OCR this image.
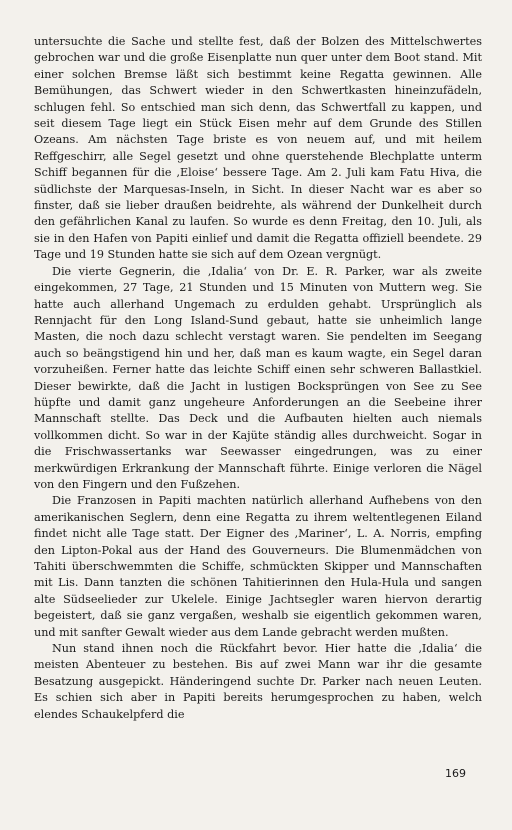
untersuchte die Sache und stellte fest, daß der Bolzen des Mittelschwertes gebrochen war und die große Eisenplatte nun quer unter dem Boot stand. Mit einer solchen Bremse läßt sich bestimmt keine Regatta gewinnen. Alle Bemühungen, das Schwert wieder in den Schwertkasten hineinzufädeln, schlugen fehl. So entschied man sich denn, das Schwertfall zu kappen, und seit diesem Tage liegt ein Stück Eisen mehr auf dem Grunde des Stillen Ozeans. Am nächsten Tage briste es von neuem auf, und mit heilem Reffgeschirr, alle Segel gesetzt und ohne querstehende Blechplatte unterm Schiff begannen für die ‚Eloise‘ bessere Tage. Am 2. Juli kam Fatu Hiva, die südlichste der Marquesas-Inseln, in Sicht. In dieser Nacht war es aber so finster, daß sie lieber draußen beidrehte, als während der Dunkelheit durch den gefährlichen Kanal zu laufen. So wurde es denn Freitag, den 10. Juli, als sie in den Hafen von Papiti einlief und damit die Regatta offiziell beendete. 29 Tage und 19 Stunden hatte sie sich auf dem Ozean vergnügt.

Die vierte Gegnerin, die ‚Idalia‘ von Dr. E. R. Parker, war als zweite eingekommen, 27 Tage, 21 Stunden und 15 Minuten von Muttern weg. Sie hatte auch allerhand Ungemach zu erdulden gehabt. Ursprünglich als Rennjacht für den Long Island-Sund gebaut, hatte sie unheimlich lange Masten, die noch dazu schlecht verstagt waren. Sie pendelten im Seegang auch so beängstigend hin und her, daß man es kaum wagte, ein Segel daran vorzuheißen. Ferner hatte das leichte Schiff einen sehr schweren Ballastkiel. Dieser bewirkte, daß die Jacht in lustigen Bocksprüngen von See zu See hüpfte und damit ganz ungeheure Anforderungen an die Seebeine ihrer Mannschaft stellte. Das Deck und die Aufbauten hielten auch niemals vollkommen dicht. So war in der Kajüte ständig alles durchweicht. Sogar in die Frischwassertanks war Seewasser eingedrungen, was zu einer merkwürdigen Erkrankung der Mannschaft führte. Einige verloren die Nägel von den Fingern und den Fußzehen.

Die Franzosen in Papiti machten natürlich allerhand Aufhebens von den amerikanischen Seglern, denn eine Regatta zu ihrem weltentlegenen Eiland findet nicht alle Tage statt. Der Eigner des ‚Mariner‘, L. A. Norris, empfing den Lipton-Pokal aus der Hand des Gouverneurs. Die Blumenmädchen von Tahiti überschwemmten die Schiffe, schmückten Skipper und Mannschaften mit Lis. Dann tanzten die schönen Tahitierinnen den Hula-Hula und sangen alte Südseelieder zur Ukelele. Einige Jachtsegler waren hiervon derartig begeistert, daß sie ganz vergaßen, weshalb sie eigentlich gekommen waren, und mit sanfter Gewalt wieder aus dem Lande gebracht werden mußten.

Nun stand ihnen noch die Rückfahrt bevor. Hier hatte die ‚Idalia‘ die meisten Abenteuer zu bestehen. Bis auf zwei Mann war ihr die gesamte Besatzung ausgepickt. Händeringend suchte Dr. Parker nach neuen Leuten. Es schien sich aber in Papiti bereits herumgesprochen zu haben, welch elendes Schaukelpferd die

169
